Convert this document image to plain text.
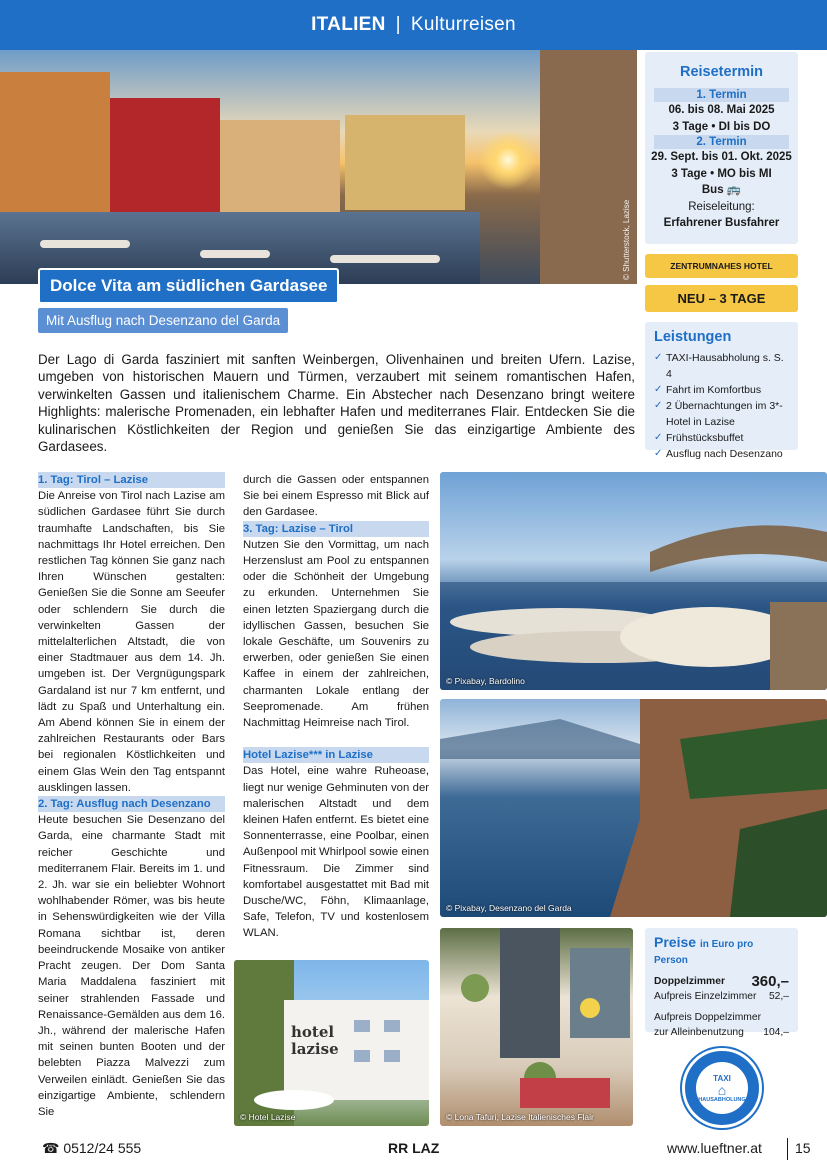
ITALIEN | Kulturreisen
© Shutterstock, Lazise
Dolce Vita am südlichen Gardasee
Mit Ausflug nach Desenzano del Garda

Der Lago di Garda fasziniert mit sanften Weinbergen, Olivenhainen und breiten Ufern. Lazise, umgeben von historischen Mauern und Türmen, verzaubert mit seinem romantischen Hafen, verwinkelten Gassen und italienischem Charme. Ein Abstecher nach Desenzano bringt weitere Highlights: malerische Promenaden, ein lebhafter Hafen und mediterranes Flair. Entdecken Sie die kulinarischen Köstlichkeiten der Region und genießen Sie das einzigartige Ambiente des Gardasees.

Reisetermin
1. Termin
06. bis 08. Mai 2025
3 Tage • DI bis DO
2. Termin
29. Sept. bis 01. Okt. 2025
3 Tage • MO bis MI
Bus 🚌
Reiseleitung:
Erfahrener Busfahrer
ZENTRUMNAHES HOTEL
NEU – 3 TAGE
Leistungen
✓ TAXI-Hausabholung s. S. 4
✓ Fahrt im Komfortbus
✓ 2 Übernachtungen im 3*-Hotel in Lazise
✓ Frühstücksbuffet
✓ Ausflug nach Desenzano
1. Tag: Tirol – Lazise
Die Anreise von Tirol nach Lazise am südlichen Gardasee führt Sie durch traumhafte Landschaften, bis Sie nachmittags Ihr Hotel erreichen. Den restlichen Tag können Sie ganz nach Ihren Wünschen gestalten: Genießen Sie die Sonne am Seeufer oder schlendern Sie durch die verwinkelten Gassen der mittelalterlichen Altstadt, die von einer Stadtmauer aus dem 14. Jh. umgeben ist. Der Vergnügungspark Gardaland ist nur 7 km entfernt, und lädt zu Spaß und Unterhaltung ein. Am Abend können Sie in einem der zahlreichen Restaurants oder Bars bei regionalen Köstlichkeiten und einem Glas Wein den Tag entspannt ausklingen lassen.
2. Tag: Ausflug nach Desenzano
Heute besuchen Sie Desenzano del Garda, eine charmante Stadt mit reicher Geschichte und mediterranem Flair. Bereits im 1. und 2. Jh. war sie ein beliebter Wohnort wohlhabender Römer, was bis heute in Sehenswürdigkeiten wie der Villa Romana sichtbar ist, deren beeindruckende Mosaike von antiker Pracht zeugen. Der Dom Santa Maria Maddalena fasziniert mit seiner strahlenden Fassade und Renaissance-Gemälden aus dem 16. Jh., während der malerische Hafen mit seinen bunten Booten und der belebten Piazza Malvezzi zum Verweilen einlädt. Genießen Sie das einzigartige Ambiente, schlendern Sie
durch die Gassen oder entspannen Sie bei einem Espresso mit Blick auf den Gardasee.
3. Tag: Lazise – Tirol
Nutzen Sie den Vormittag, um nach Herzenslust am Pool zu entspannen oder die Schönheit der Umgebung zu erkunden. Unternehmen Sie einen letzten Spaziergang durch die idyllischen Gassen, besuchen Sie lokale Geschäfte, um Souvenirs zu erwerben, oder genießen Sie einen Kaffee in einem der zahlreichen, charmanten Lokale entlang der Seepromenade. Am frühen Nachmittag Heimreise nach Tirol.
Hotel Lazise*** in Lazise
Das Hotel, eine wahre Ruheoase, liegt nur wenige Gehminuten von der malerischen Altstadt und dem kleinen Hafen entfernt. Es bietet eine Sonnenterrasse, eine Poolbar, einen Außenpool mit Whirlpool sowie einen Fitnessraum. Die Zimmer sind komfortabel ausgestattet mit Bad mit Dusche/WC, Föhn, Klimaanlage, Safe, Telefon, TV und kostenlosem WLAN.
© Pixabay, Bardolino
© Pixabay, Desenzano del Garda
hotel lazise
© Hotel Lazise	© Lona Tafuri, Lazise Italienisches Flair
Preise in Euro pro Person
Doppelzimmer 360,–
Aufpreis Einzelzimmer 52,–
Aufpreis Doppelzimmer
zur Alleinbenutzung 104,–
TAXI
⌂
HAUSABHOLUNG
☎ 0512/24 555	RR LAZ	www.lueftner.at 15
